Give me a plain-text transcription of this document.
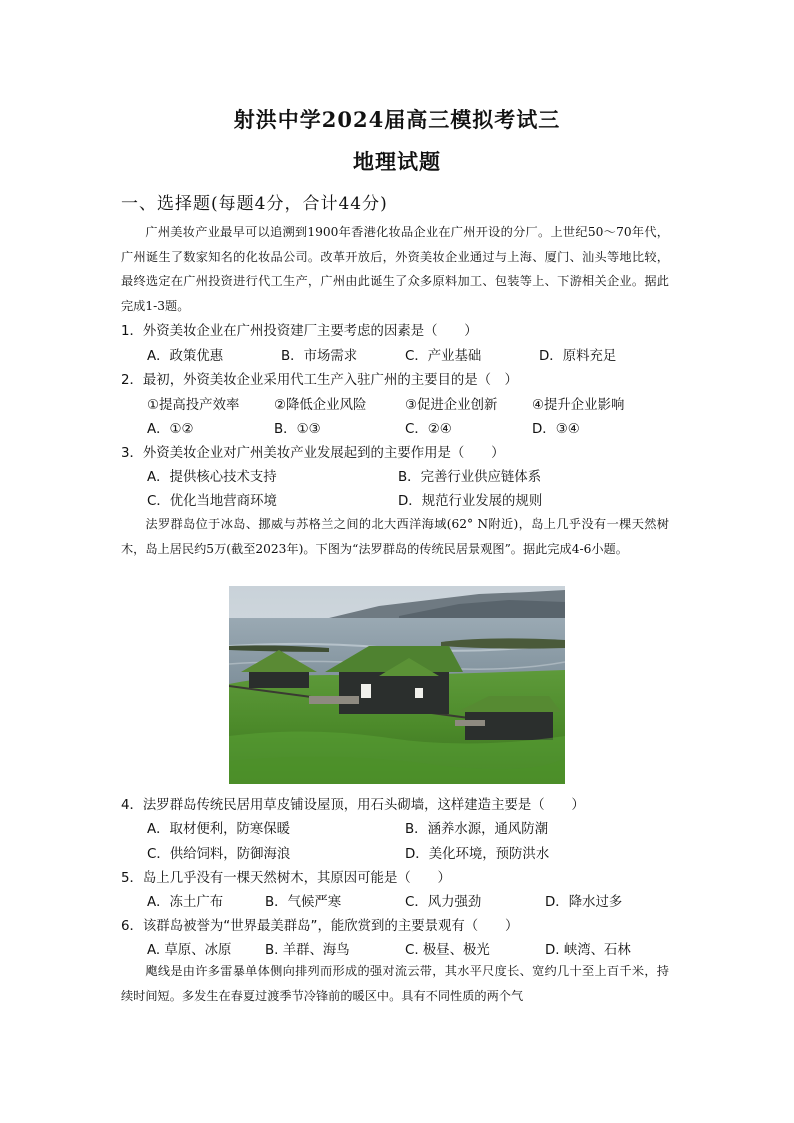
射洪中学2024届高三模拟考试三
地理试题
一、选择题(每题4分，合计44分)
广州美妆产业最早可以追溯到1900年香港化妆品企业在广州开设的分厂。上世纪50～70年代，广州诞生了数家知名的化妆品公司。改革开放后，外资美妆企业通过与上海、厦门、汕头等地比较，最终选定在广州投资进行代工生产，广州由此诞生了众多原料加工、包装等上、下游相关企业。据此完成1-3题。
1．外资美妆企业在广州投资建厂主要考虑的因素是（　　）
A．政策优惠	B．市场需求	C．产业基础	D．原料充足
2．最初，外资美妆企业采用代工生产入驻广州的主要目的是（　）
①提高投产效率	②降低企业风险	③促进企业创新	④提升企业影响
A．①②	B．①③	C．②④	D．③④
3．外资美妆企业对广州美妆产业发展起到的主要作用是（　　）
A．提供核心技术支持	B．完善行业供应链体系
C．优化当地营商环境	D．规范行业发展的规则
法罗群岛位于冰岛、挪威与苏格兰之间的北大西洋海域(62° N附近)，岛上几乎没有一棵天然树木，岛上居民约5万(截至2023年)。下图为“法罗群岛的传统民居景观图”。据此完成4-6小题。
4．法罗群岛传统民居用草皮铺设屋顶，用石头砌墙，这样建造主要是（　　）
A．取材便利，防寒保暖	B．涵养水源，通风防潮
C．供给饲料，防御海浪	D．美化环境，预防洪水
5．岛上几乎没有一棵天然树木，其原因可能是（　　）
A．冻土广布	B．气候严寒	C．风力强劲	D．降水过多
6．该群岛被誉为“世界最美群岛”，能欣赏到的主要景观有（　　）
A. 草原、冰原	B. 羊群、海鸟	C. 极昼、极光	D. 峡湾、石林
飑线是由许多雷暴单体侧向排列而形成的强对流云带，其水平尺度长、宽约几十至上百千米，持续时间短。多发生在春夏过渡季节冷锋前的暖区中。具有不同性质的两个气
